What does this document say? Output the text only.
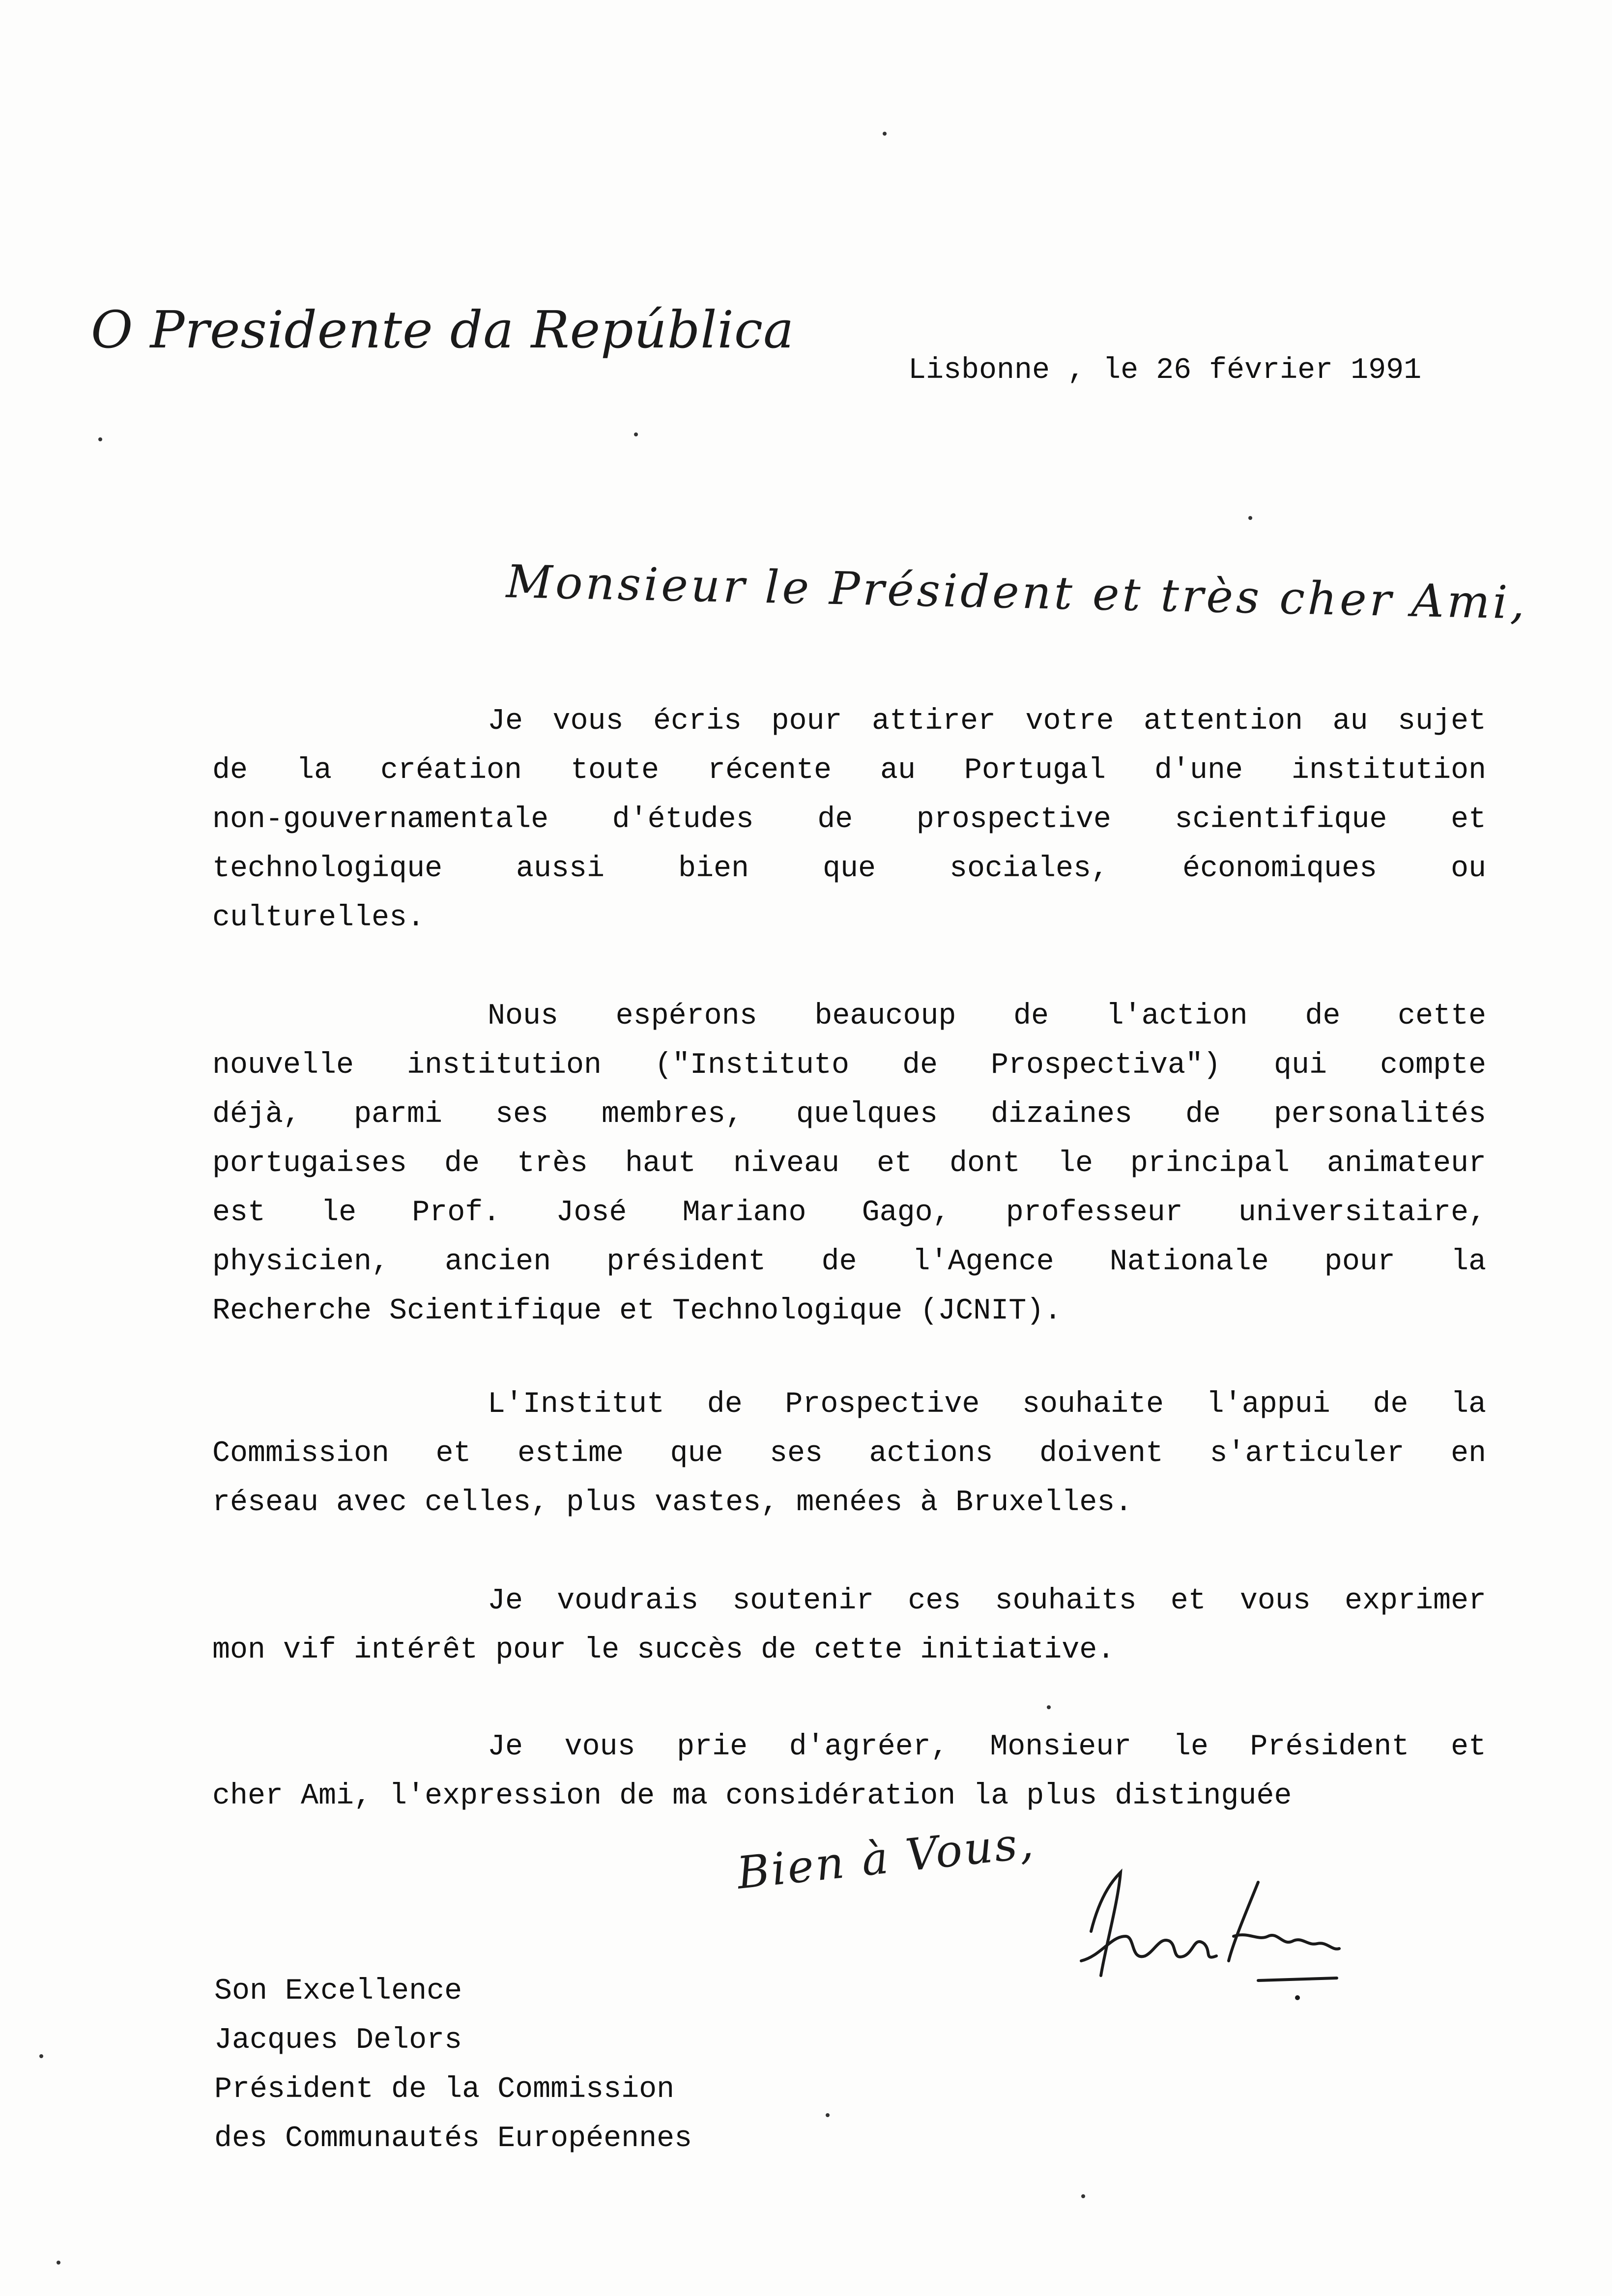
O Presidente da República
Lisbonne , le 26 février 1991
Monsieur le Président et très cher Ami,
Je vous écris pour attirer votre attention au sujet
de la création toute récente au Portugal d'une institution
non-gouvernamentale d'études de prospective scientifique et
technologique aussi bien que sociales, économiques ou
culturelles.
Nous espérons beaucoup de l'action de cette
nouvelle institution ("Instituto de Prospectiva") qui compte
déjà, parmi ses membres, quelques dizaines de personalités
portugaises de très haut niveau et dont le principal animateur
est le Prof. José Mariano Gago, professeur universitaire,
physicien, ancien président de l'Agence Nationale pour la
Recherche Scientifique et Technologique (JCNIT).
L'Institut de Prospective souhaite l'appui de la
Commission et estime que ses actions doivent s'articuler en
réseau avec celles, plus vastes, menées à Bruxelles.
Je voudrais soutenir ces souhaits et vous exprimer
mon vif intérêt pour le succès de cette initiative.
Je vous prie d'agréer, Monsieur le Président et
cher Ami, l'expression de ma considération la plus distinguée
Bien à Vous,
Son Excellence
Jacques Delors
Président de la Commission
des Communautés Européennes
